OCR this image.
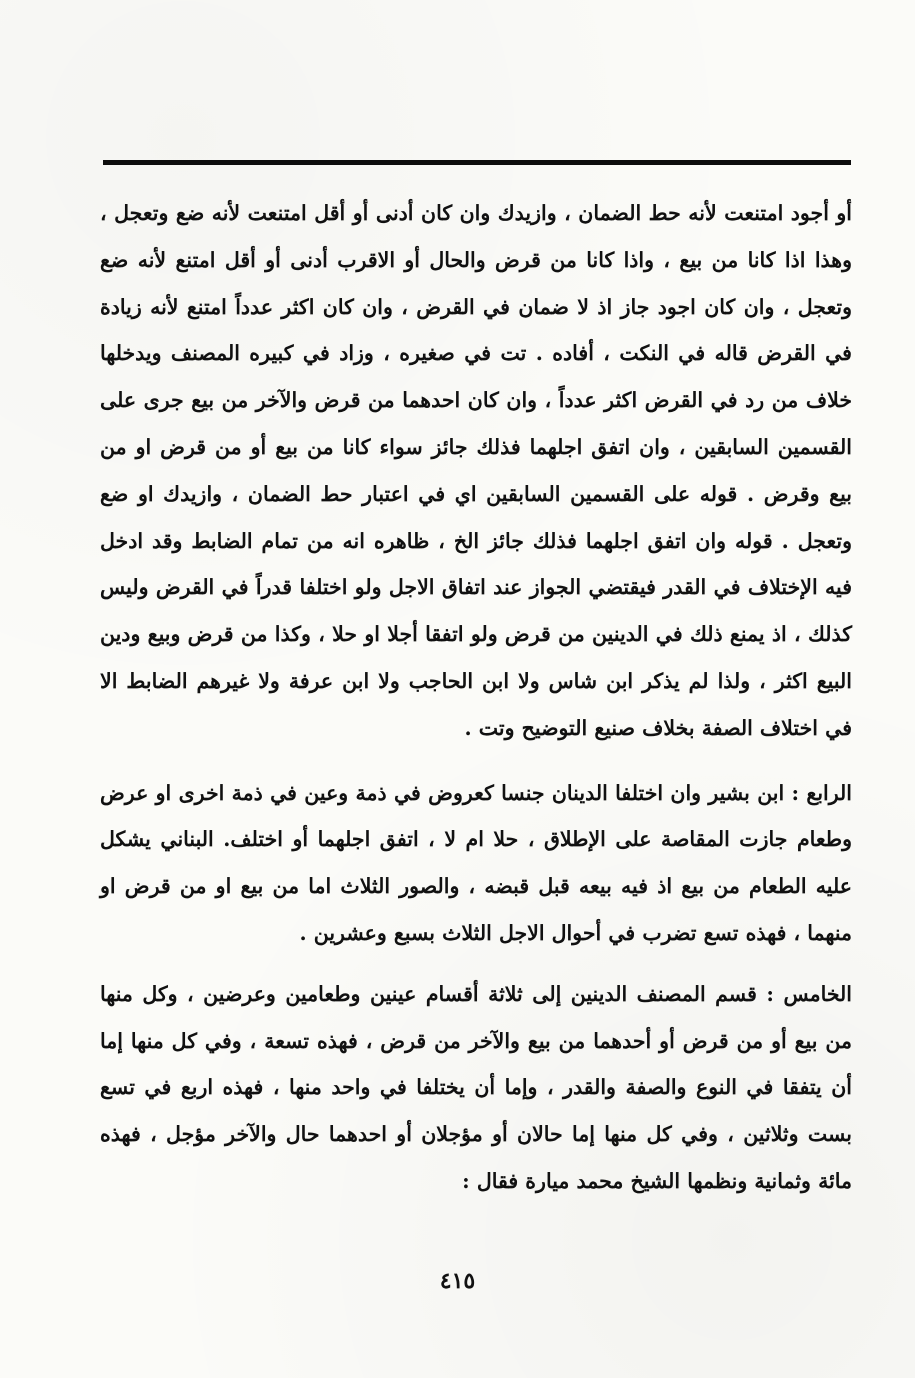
أو أجود امتنعت لأنه حط الضمان ، وازيدك وان كان أدنى أو أقل امتنعت لأنه ضع وتعجل ، وهذا اذا كانا من بيع ، واذا كانا من قرض والحال أو الاقرب أدنى أو أقل امتنع لأنه ضع وتعجل ، وان كان اجود جاز اذ لا ضمان في القرض ، وان كان اكثر عدداً امتنع لأنه زيادة في القرض قاله في النكت ، أفاده . تت في صغيره ، وزاد في كبيره المصنف ويدخلها خلاف من رد في القرض اكثر عدداً ، وان كان احدهما من قرض والآخر من بيع جرى على القسمين السابقين ، وان اتفق اجلهما فذلك جائز سواء كانا من بيع أو من قرض او من بيع وقرض . قوله على القسمين السابقين اي في اعتبار حط الضمان ، وازيدك او ضع وتعجل . قوله وان اتفق اجلهما فذلك جائز الخ ، ظاهره انه من تمام الضابط وقد ادخل فيه الإختلاف في القدر فيقتضي الجواز عند اتفاق الاجل ولو اختلفا قدراً في القرض وليس كذلك ، اذ يمنع ذلك في الدينين من قرض ولو اتفقا أجلا او حلا ، وكذا من قرض وبيع ودين البيع اكثر ، ولذا لم يذكر ابن شاس ولا ابن الحاجب ولا ابن عرفة ولا غيرهم الضابط الا في اختلاف الصفة بخلاف صنيع التوضيح وتت .

الرابع : ابن بشير وان اختلفا الدينان جنسا كعروض في ذمة وعين في ذمة اخرى او عرض وطعام جازت المقاصة على الإطلاق ، حلا ام لا ، اتفق اجلهما أو اختلف. البناني يشكل عليه الطعام من بيع اذ فيه بيعه قبل قبضه ، والصور الثلاث اما من بيع او من قرض او منهما ، فهذه تسع تضرب في أحوال الاجل الثلاث بسبع وعشرين .

الخامس : قسم المصنف الدينين إلى ثلاثة أقسام عينين وطعامين وعرضين ، وكل منها من بيع أو من قرض أو أحدهما من بيع والآخر من قرض ، فهذه تسعة ، وفي كل منها إما أن يتفقا في النوع والصفة والقدر ، وإما أن يختلفا في واحد منها ، فهذه اربع في تسع بست وثلاثين ، وفي كل منها إما حالان أو مؤجلان أو احدهما حال والآخر مؤجل ، فهذه مائة وثمانية ونظمها الشيخ محمد ميارة فقال :

٤١٥
